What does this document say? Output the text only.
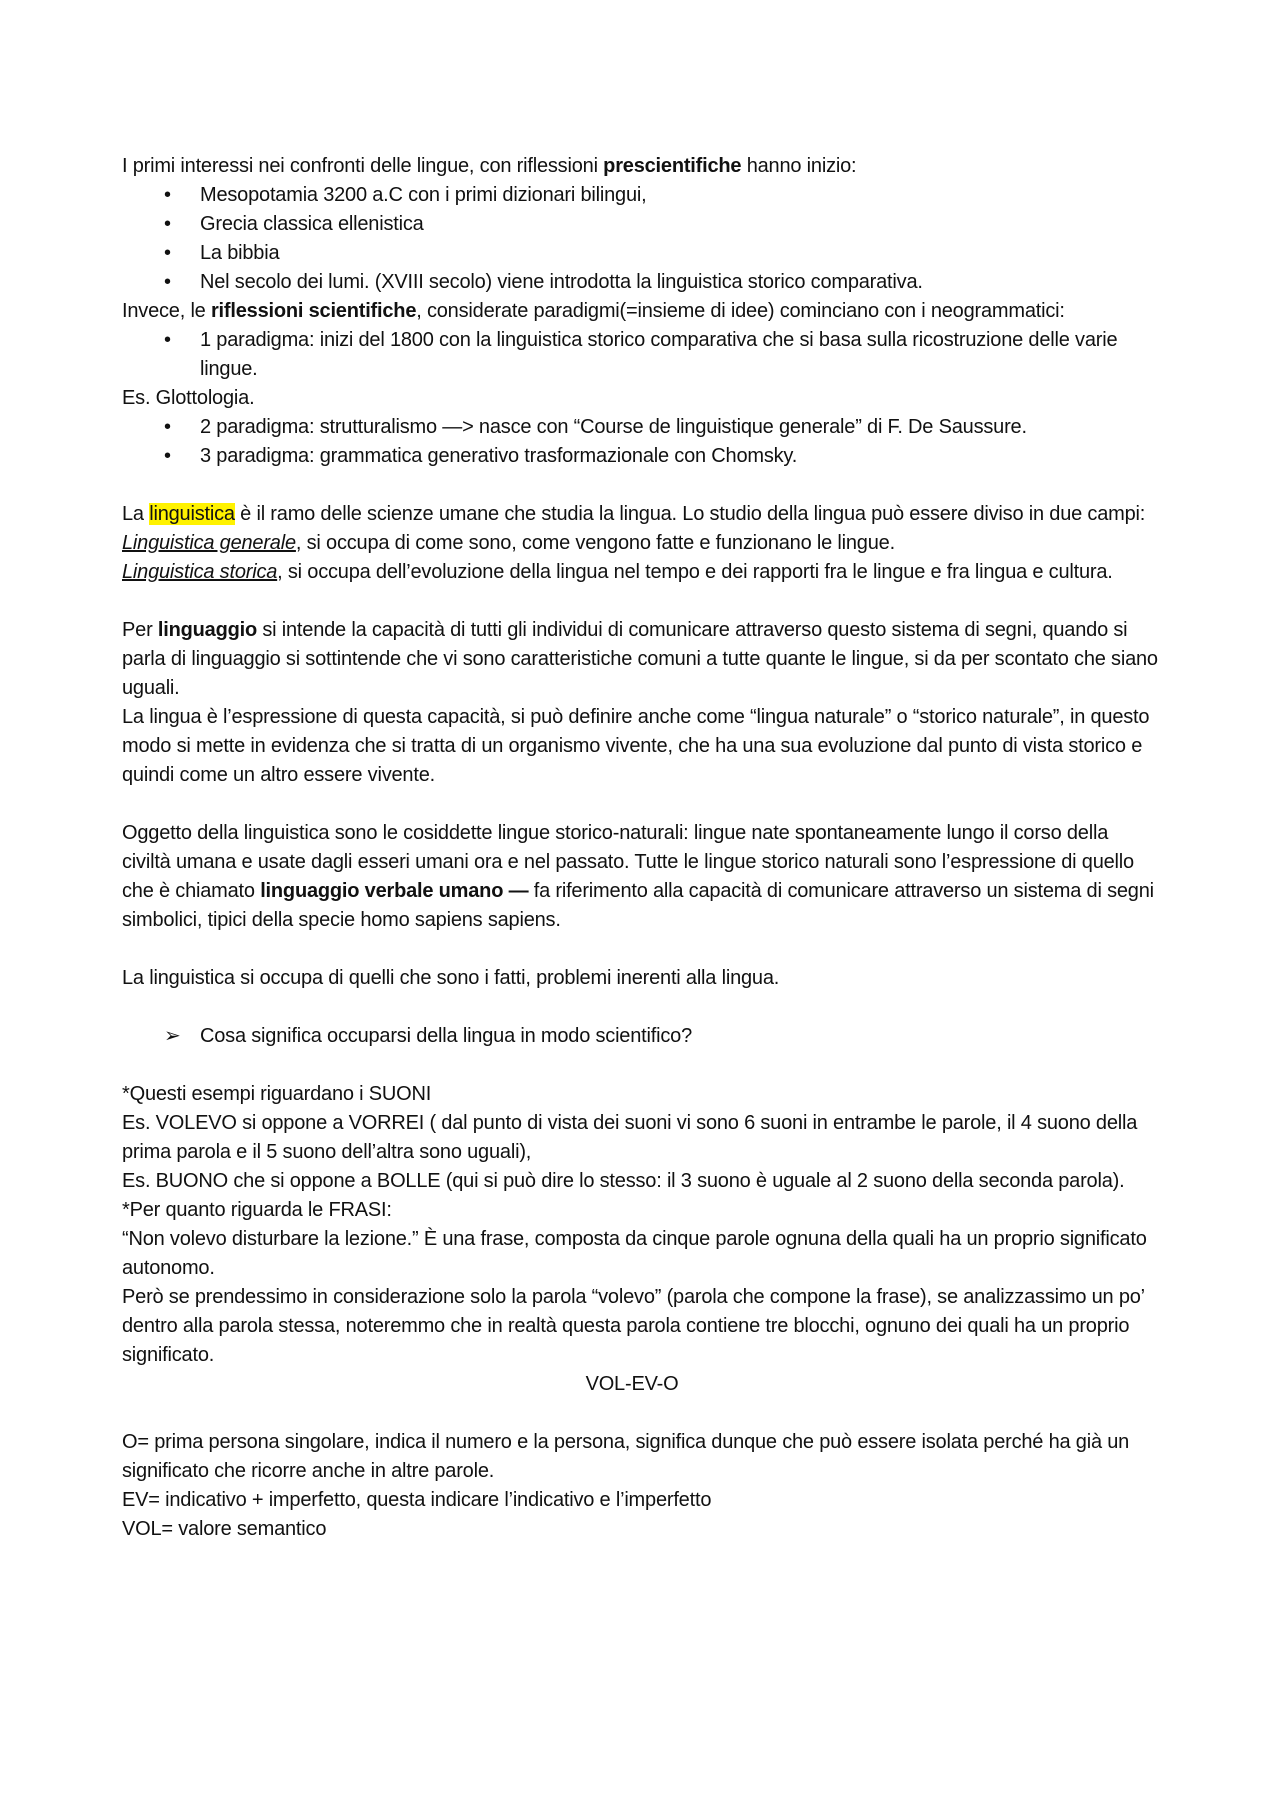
I primi interessi nei confronti delle lingue, con riflessioni prescientifiche hanno inizio:

• Mesopotamia 3200 a.C con i primi dizionari bilingui,
• Grecia classica ellenistica
• La bibbia
• Nel secolo dei lumi. (XVIII secolo) viene introdotta la linguistica storico comparativa.

Invece, le riflessioni scientifiche, considerate paradigmi(=insieme di idee) cominciano con i neogrammatici:

• 1 paradigma: inizi del 1800 con la linguistica storico comparativa che si basa sulla ricostruzione delle varie lingue.

Es. Glottologia.

• 2 paradigma: strutturalismo —> nasce con “Course de linguistique generale” di F. De Saussure.
• 3 paradigma: grammatica generativo trasformazionale con Chomsky.

La linguistica è il ramo delle scienze umane che studia la lingua. Lo studio della lingua può essere diviso in due campi:

Linguistica generale, si occupa di come sono, come vengono fatte e funzionano le lingue.

Linguistica storica, si occupa dell’evoluzione della lingua nel tempo e dei rapporti fra le lingue e fra lingua e cultura.

Per linguaggio si intende la capacità di tutti gli individui di comunicare attraverso questo sistema di segni, quando si parla di linguaggio si sottintende che vi sono caratteristiche comuni a tutte quante le lingue, si da per scontato che siano uguali.

La lingua è l’espressione di questa capacità, si può definire anche come “lingua naturale” o “storico naturale”, in questo modo si mette in evidenza che si tratta di un organismo vivente, che ha una sua evoluzione dal punto di vista storico e quindi come un altro essere vivente.

Oggetto della linguistica sono le cosiddette lingue storico-naturali: lingue nate spontaneamente lungo il corso della civiltà umana e usate dagli esseri umani ora e nel passato. Tutte le lingue storico naturali sono l’espressione di quello che è chiamato linguaggio verbale umano — fa riferimento alla capacità di comunicare attraverso un sistema di segni simbolici, tipici della specie homo sapiens sapiens.

La linguistica si occupa di quelli che sono i fatti, problemi inerenti alla lingua.

➢ Cosa significa occuparsi della lingua in modo scientifico?

*Questi esempi riguardano i SUONI

Es. VOLEVO si oppone a VORREI ( dal punto di vista dei suoni vi sono 6 suoni in entrambe le parole, il 4 suono della prima parola e il 5 suono dell’altra sono uguali),

Es. BUONO che si oppone a BOLLE (qui si può dire lo stesso: il 3 suono è uguale al 2 suono della seconda parola).

*Per quanto riguarda le FRASI:

“Non volevo disturbare la lezione.” È una frase, composta da cinque parole ognuna della quali ha un proprio significato autonomo.

Però se prendessimo in considerazione solo la parola “volevo” (parola che compone la frase), se analizzassimo un po’ dentro alla parola stessa, noteremmo che in realtà questa parola contiene tre blocchi, ognuno dei quali ha un proprio significato.

VOL-EV-O

O= prima persona singolare, indica il numero e la persona, significa dunque che può essere isolata perché ha già un significato che ricorre anche in altre parole.

EV= indicativo + imperfetto, questa indicare l’indicativo e l’imperfetto

VOL= valore semantico
